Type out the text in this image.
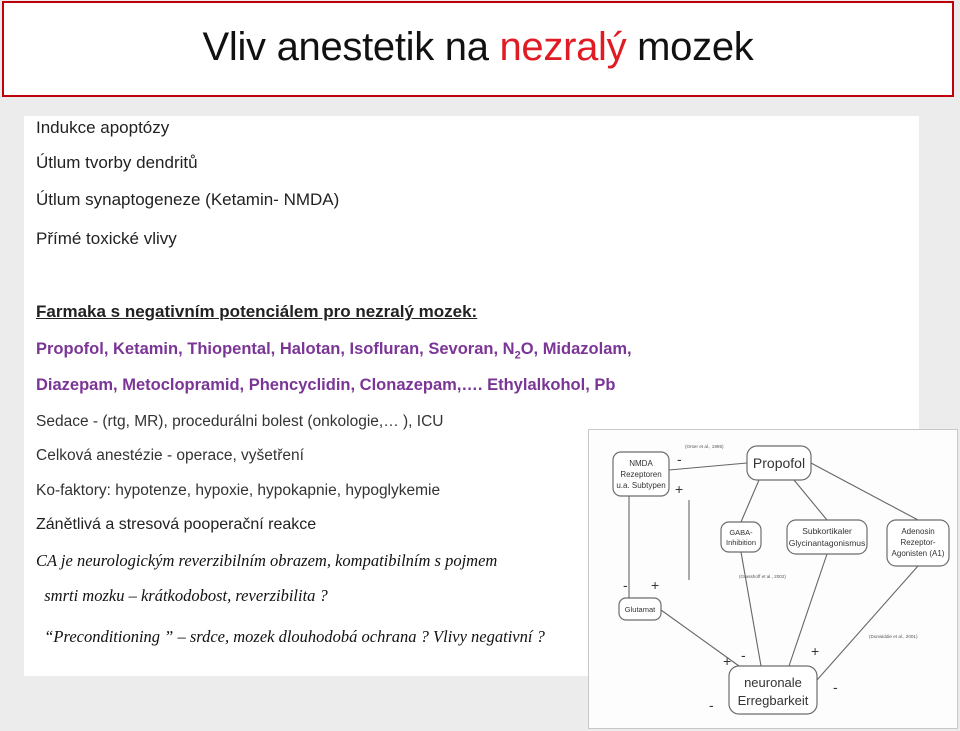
Vliv anestetik na nezralý mozek
Indukce apoptózy
Útlum tvorby dendritů
Útlum synaptogeneze (Ketamin- NMDA)
Přímé toxické vlivy
Farmaka s negativním potenciálem pro nezralý mozek:
Propofol, Ketamin, Thiopental, Halotan, Isofluran, Sevoran, $N_2O$, Midazolam,
Diazepam, Metoclopramid, Phencyclidin, Clonazepam,…. Ethylalkohol, Pb
Sedace - (rtg, MR), procedurálni bolest (onkologie,… ), ICU
Celková anestézie - operace, vyšetření
Ko-faktory: hypotenze, hypoxie, hypokapnie, hypoglykemie
Zánětlivá a stresová pooperační reakce
CA je neurologickým reverzibilním obrazem, kompatibilním s pojmem
smrti mozku – krátkodobost, reverzibilita ?
“Preconditioning ” – srdce, mozek dlouhodobá ochrana ? Vlivy negativní ?
NMDA
Rezeptoren
u.a. Subtypen
Propofol
GABA-
Inhibition
Subkortikaler
Glycinantagonismus
Adenosin
Rezeptor-
Agonisten (A1)
Glutamat
neuronale
Erregbarkeit
(Orser et al., 1995)
(Grasshoff et al., 2002)
(Dunwiddie et al., 2001)
-
+
- +
+ -	+
-
-
